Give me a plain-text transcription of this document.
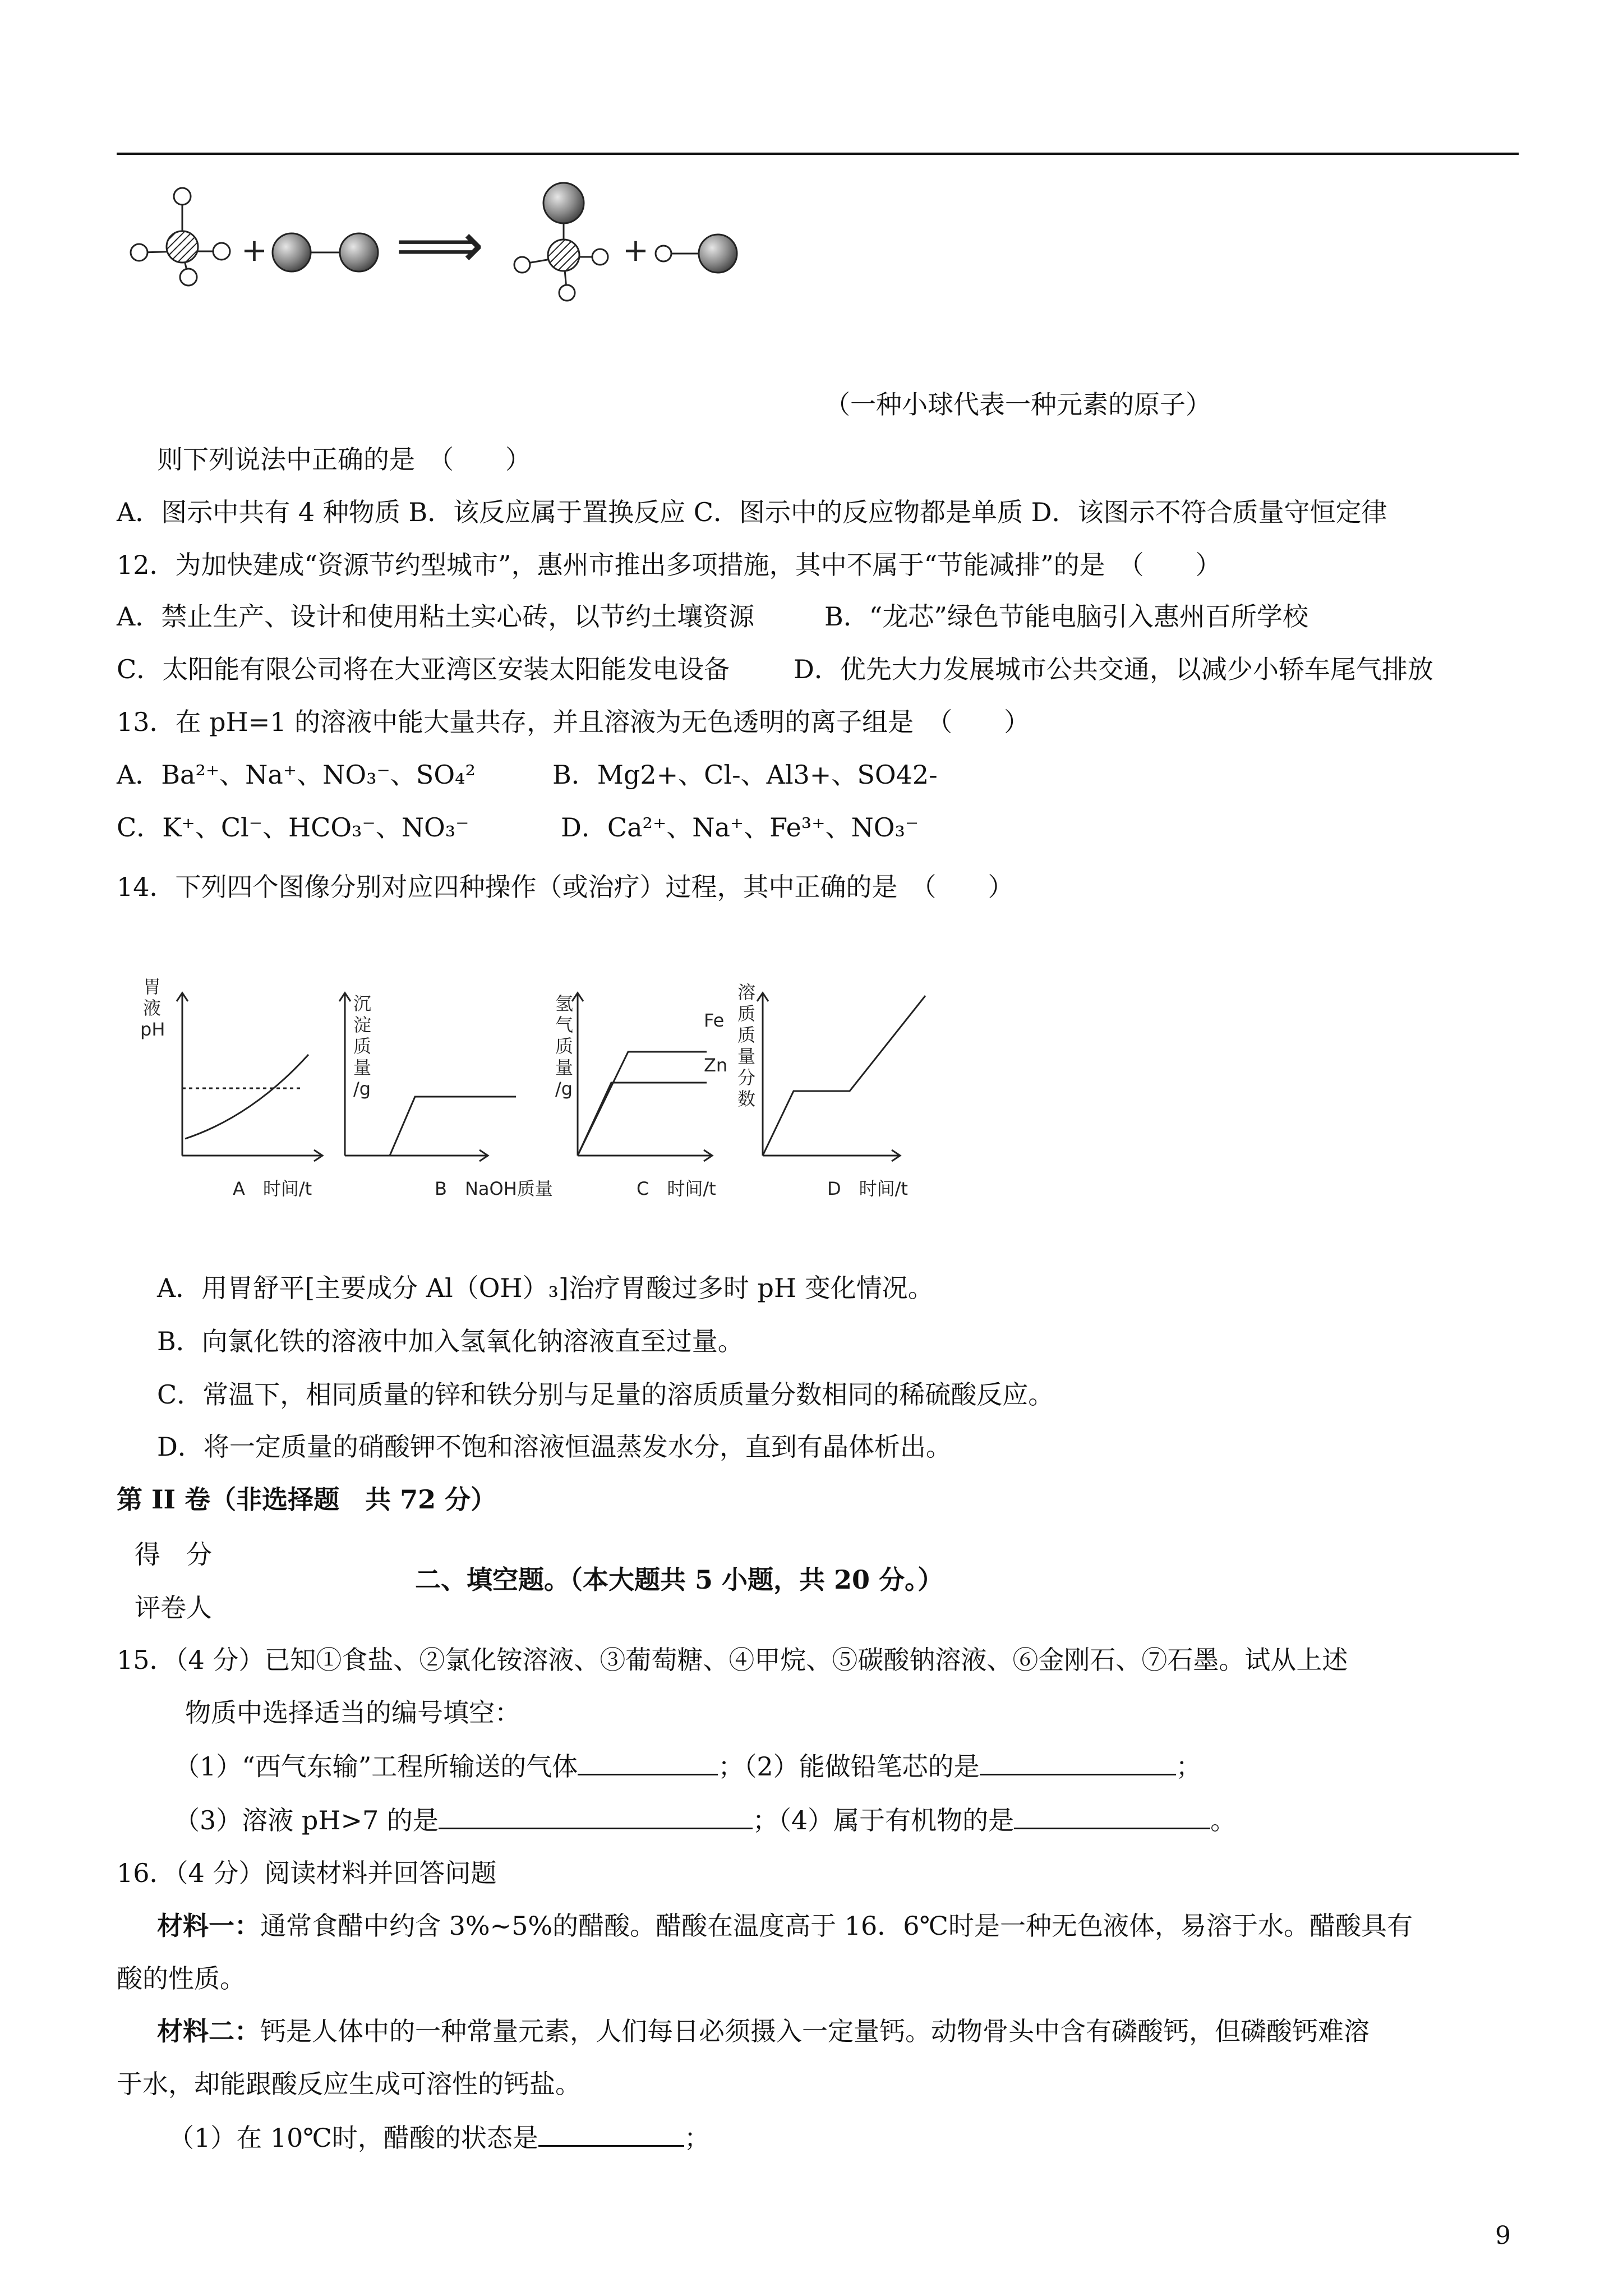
+ ⟹	+
（一种小球代表一种元素的原子）
则下列说法中正确的是　（　　）
A．图示中共有 4 种物质 B．该反应属于置换反应 C．图示中的反应物都是单质 D．该图示不符合质量守恒定律
12．为加快建成“资源节约型城市”，惠州市推出多项措施，其中不属于“节能减排”的是　（　　）
A．禁止生产、设计和使用粘土实心砖，以节约土壤资源	B．“龙芯”绿色节能电脑引入惠州百所学校
C．太阳能有限公司将在大亚湾区安装太阳能发电设备 D．优先大力发展城市公共交通，以减少小轿车尾气排放
13．在 pH=1 的溶液中能大量共存，并且溶液为无色透明的离子组是　（　　）
A．Ba²⁺、Na⁺、NO₃⁻、SO₄²	B．Mg2+、Cl-、Al3+、SO42-
C．K⁺、Cl⁻、HCO₃⁻、NO₃⁻	D．Ca²⁺、Na⁺、Fe³⁺、NO₃⁻
14．下列四个图像分别对应四种操作（或治疗）过程，其中正确的是　（　　）
胃 液 pH
沉 淀 质 量 /g
氢 气 质 量 /g
溶 质 质 量 分 数
Fe
Zn
A　时间/t	B　NaOH质量	C　时间/t	D　时间/t
A．用胃舒平[主要成分 Al（OH）₃]治疗胃酸过多时 pH 变化情况。
B．向氯化铁的溶液中加入氢氧化钠溶液直至过量。
C．常温下，相同质量的锌和铁分别与足量的溶质质量分数相同的稀硫酸反应。
D．将一定质量的硝酸钾不饱和溶液恒温蒸发水分，直到有晶体析出。
第 II 卷（非选择题　共 72 分）
得　分
二、填空题。（本大题共 5 小题，共 20 分。）
评卷人
15．（4 分）已知①食盐、②氯化铵溶液、③葡萄糖、④甲烷、⑤碳酸钠溶液、⑥金刚石、⑦石墨。试从上述
物质中选择适当的编号填空：
（1）“西气东输”工程所输送的气体	；（2）能做铅笔芯的是	；
（3）溶液 pH>7 的是	；（4）属于有机物的是	。
16．（4 分）阅读材料并回答问题
材料一：通常食醋中约含 3%~5%的醋酸。醋酸在温度高于 16．6℃时是一种无色液体，易溶于水。醋酸具有
酸的性质。
材料二：钙是人体中的一种常量元素，人们每日必须摄入一定量钙。动物骨头中含有磷酸钙，但磷酸钙难溶
于水，却能跟酸反应生成可溶性的钙盐。
（1）在 10℃时，醋酸的状态是	；
9
